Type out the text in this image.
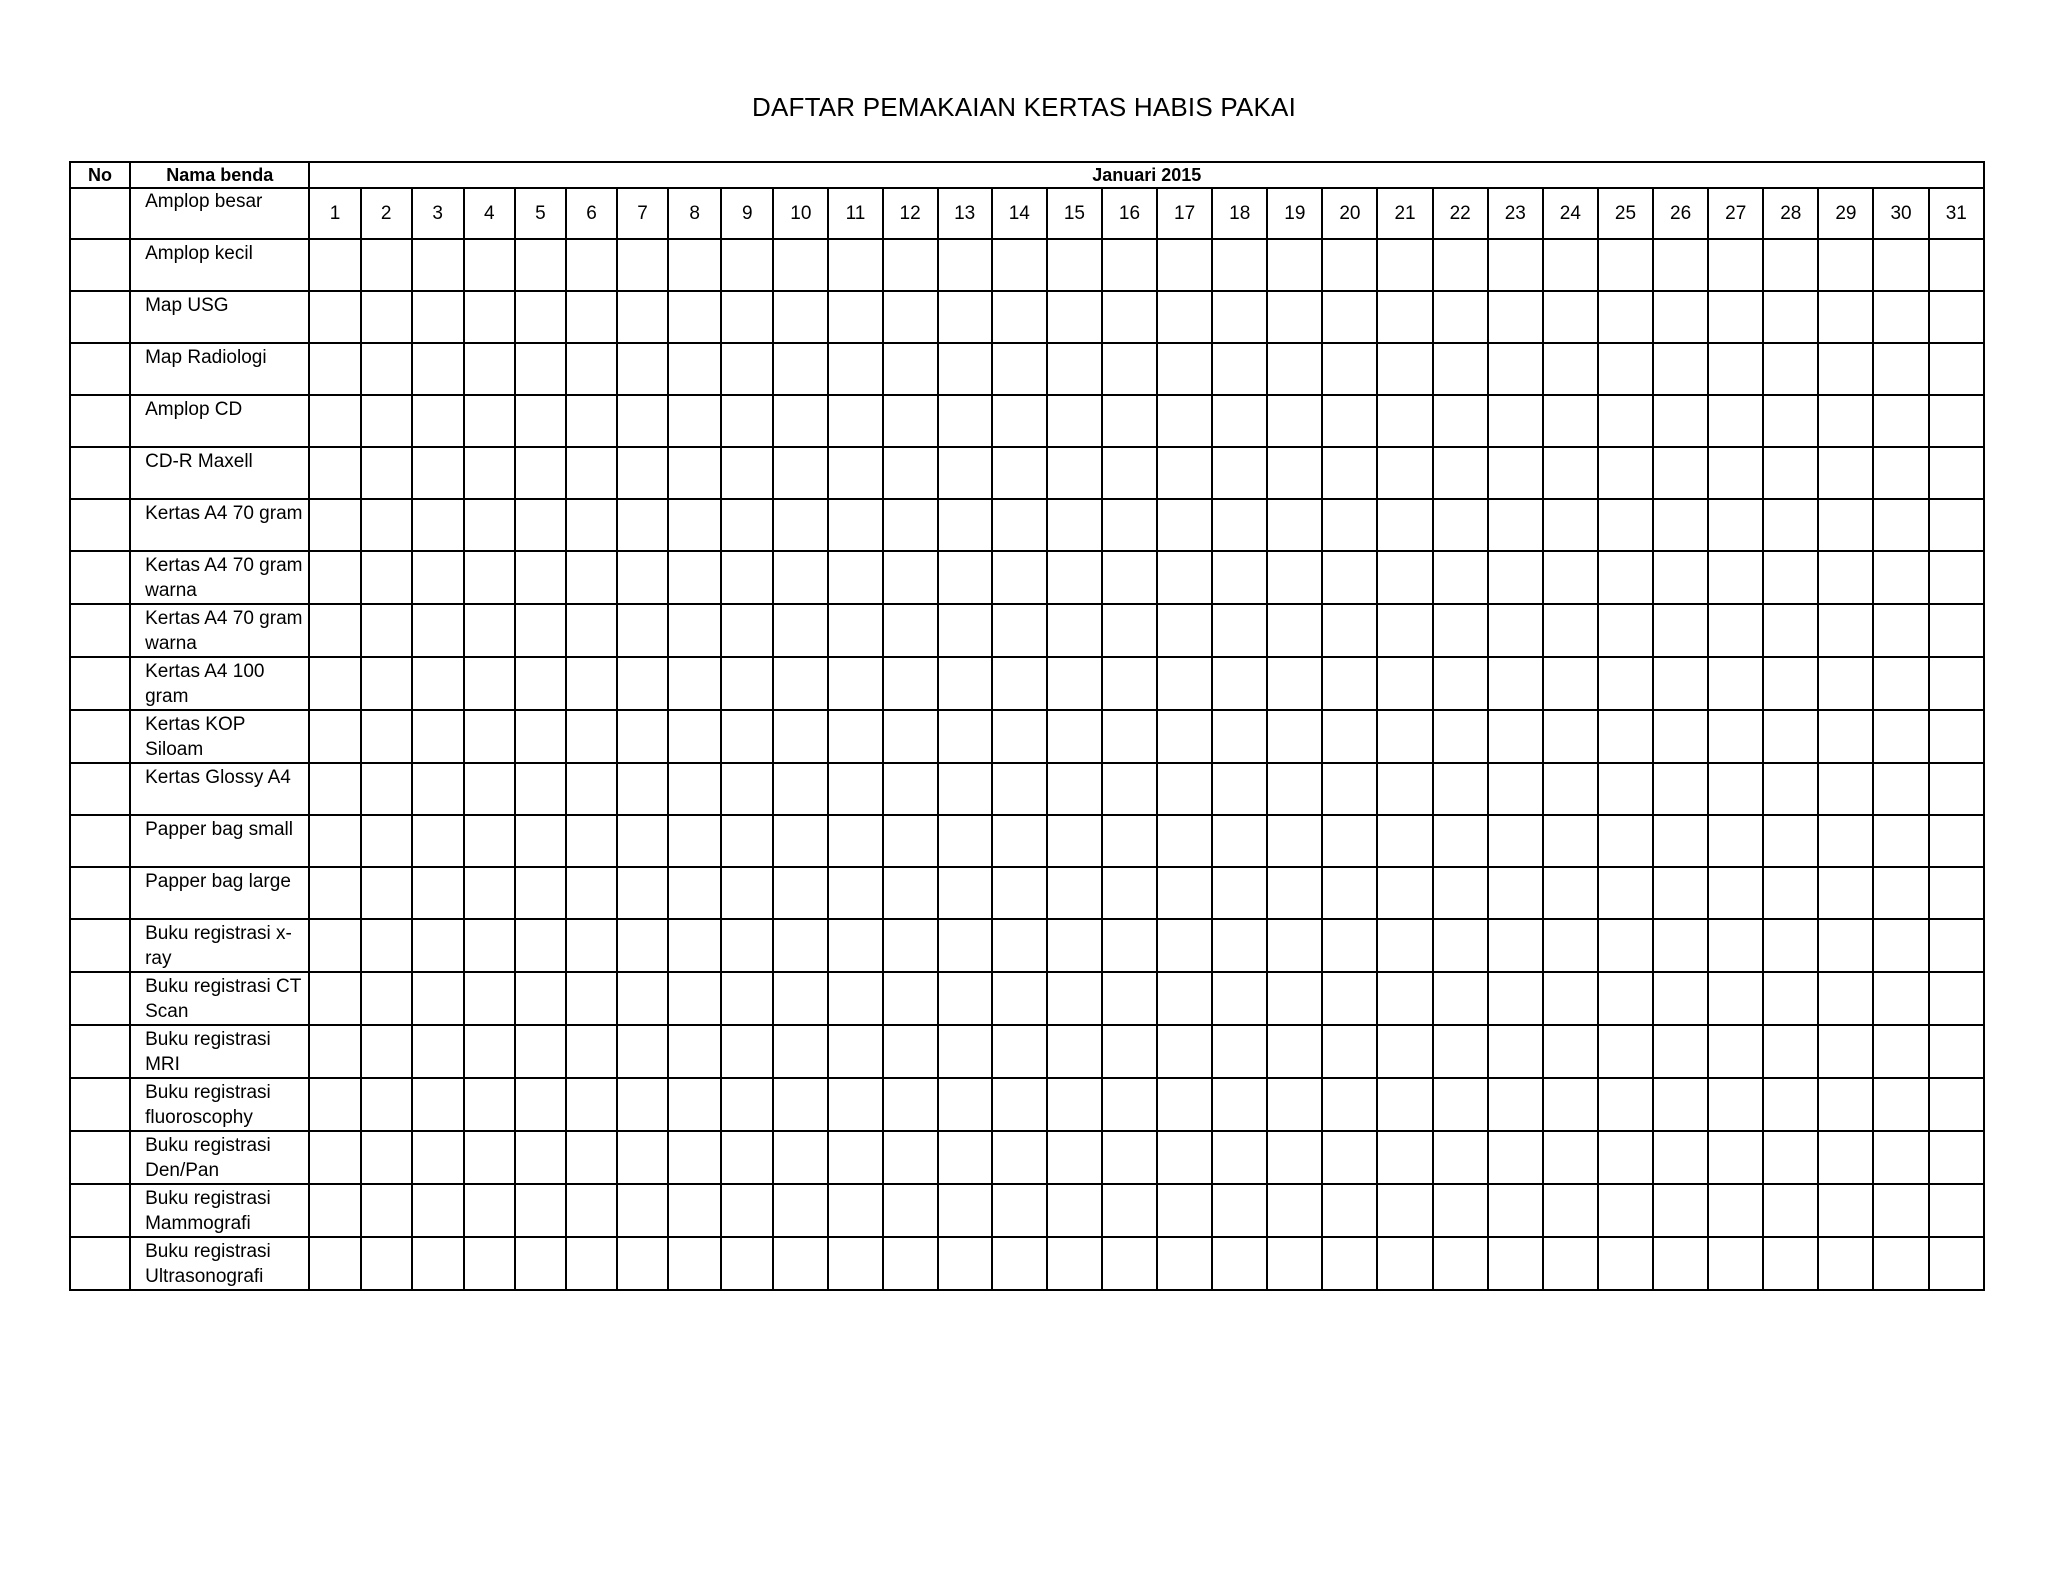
DAFTAR PEMAKAIAN KERTAS HABIS PAKAI
No	Nama benda	Januari 2015																														
	Amplop besar	1	2	3	4	5	6	7	8	9	10	11	12	13	14	15	16	17	18	19	20	21	22	23	24	25	26	27	28	29	30	31
	Amplop kecil																															
	Map USG																															
	Map Radiologi																															
	Amplop CD																															
	CD-R Maxell																															
	Kertas A4 70 gram																															
	Kertas A4 70 gram warna																															
	Kertas A4 70 gram warna																															
	Kertas A4 100 gram																															
	Kertas KOP Siloam																															
	Kertas Glossy A4																															
	Papper bag small																															
	Papper bag large																															
	Buku registrasi x-ray																															
	Buku registrasi CT Scan																															
	Buku registrasi MRI																															
	Buku registrasi fluoroscophy																															
	Buku registrasi Den/Pan																															
	Buku registrasi Mammografi																															
	Buku registrasi Ultrasonografi																															
